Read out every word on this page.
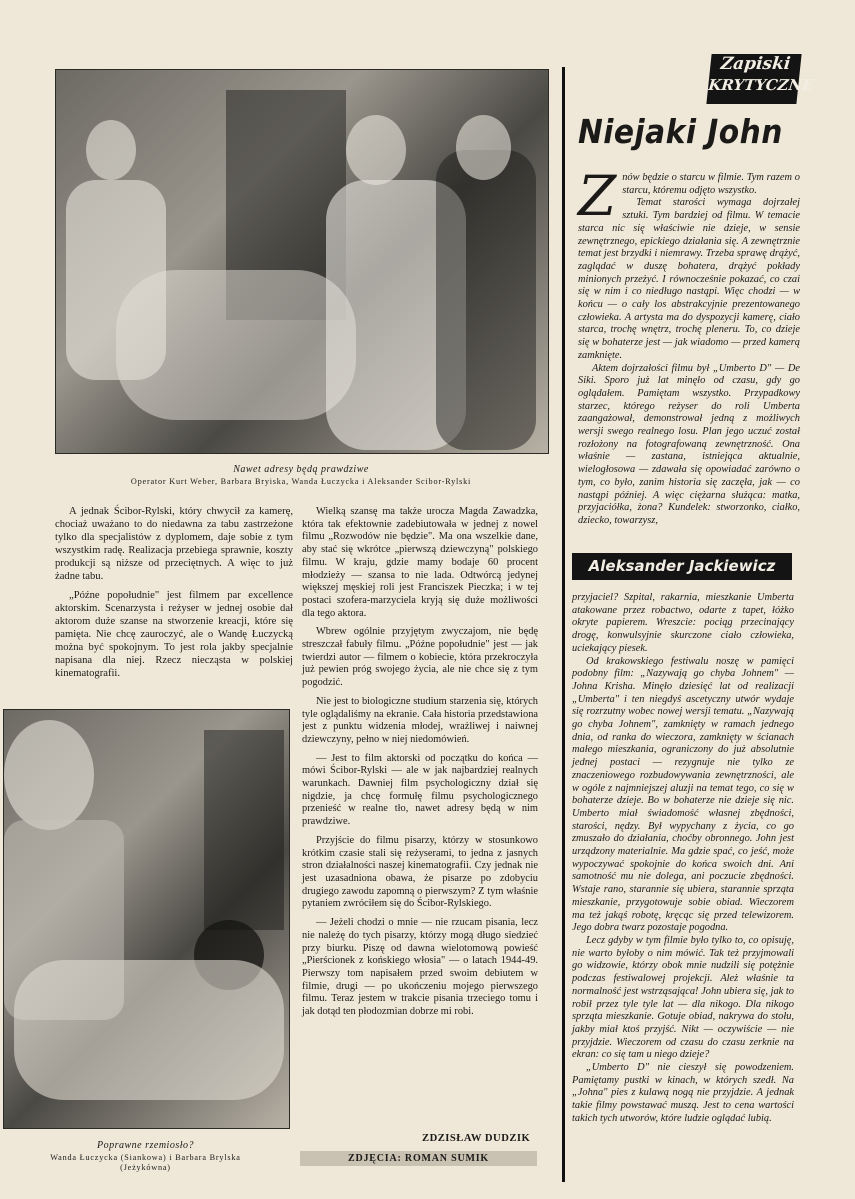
Nawet adresy będą prawdziwe
Operator Kurt Weber, Barbara Bryiska, Wanda Łuczycka i Aleksander Scibor-Rylski

A jednak Ścibor-Rylski, który chwycił za kamerę, chociaż uważano to do niedawna za tabu zastrzeżone tylko dla specjalistów z dyplomem, daje sobie z tym wszystkim radę. Realizacja przebiega sprawnie, koszty produkcji są niższe od przeciętnych. A więc to już żadne tabu.

„Późne popołudnie" jest filmem par excellence aktorskim. Scenarzysta i reżyser w jednej osobie dał aktorom duże szanse na stworzenie kreacji, które się pamięta. Nie chcę zauroczyć, ale o Wandę Łuczycką można być spokojnym. To jest rola jakby specjalnie napisana dla niej. Rzecz niecząsta w polskiej kinematografii.

Poprawne rzemiosło?
Wanda Łuczycka (Siankowa) i Barbara Brylska
(Jeżykówna)

Wielką szansę ma także urocza Magda Zawadzka, która tak efektownie zadebiutowała w jednej z nowel filmu „Rozwodów nie będzie". Ma ona wszelkie dane, aby stać się wkrótce „pierwszą dziewczyną" polskiego filmu. W kraju, gdzie mamy bodaje 60 procent młodzieży — szansa to nie lada. Odtwórcą jedynej większej męskiej roli jest Franciszek Pieczka; i w tej postaci szofera-marzyciela kryją się duże możliwości dla tego aktora.

Wbrew ogólnie przyjętym zwyczajom, nie będę streszczał fabuły filmu. „Późne popołudnie" jest — jak twierdzi autor — filmem o kobiecie, która przekroczyła już pewien próg swojego życia, ale nie chce się z tym pogodzić.

Nie jest to biologiczne studium starzenia się, których tyle oglądaliśmy na ekranie. Cała historia przedstawiona jest z punktu widzenia młodej, wrażliwej i naiwnej dziewczyny, pełno w niej niedomówień.

— Jest to film aktorski od początku do końca — mówi Ścibor-Rylski — ale w jak najbardziej realnych warunkach. Dawniej film psychologiczny dział się nigdzie, ja chcę formułę filmu psychologicznego przenieść w realne tło, nawet adresy będą w nim prawdziwe.

Przyjście do filmu pisarzy, którzy w stosunkowo krótkim czasie stali się reżyserami, to jedna z jasnych stron działalności naszej kinematografii. Czy jednak nie jest uzasadniona obawa, że pisarze po zdobyciu drugiego zawodu zapomną o pierwszym? Z tym właśnie pytaniem zwróciłem się do Ścibor-Rylskiego.

— Jeżeli chodzi o mnie — nie rzucam pisania, lecz nie należę do tych pisarzy, którzy mogą długo siedzieć przy biurku. Piszę od dawna wielotomową powieść „Pierścionek z końskiego włosia" — o latach 1944-49. Pierwszy tom napisałem przed swoim debiutem w filmie, drugi — po ukończeniu mojego pierwszego filmu. Teraz jestem w trakcie pisania trzeciego tomu i jak dotąd ten płodozmian dobrze mi robi.

ZDZISŁAW DUDZIK
ZDJĘCIA: ROMAN SUMIK
Zapiski
KRYTYCZNE
Niejaki John
Z nów będzie o starcu w filmie. Tym razem o starcu, któremu odjęto wszystko.

Temat starości wymaga dojrzałej sztuki. Tym bardziej od filmu. W temacie starca nic się właściwie nie dzieje, w sensie zewnętrznego, epickiego działania się. A zewnętrznie temat jest brzydki i niemrawy. Trzeba sprawę drążyć, zaglądać w duszę bohatera, drążyć pokłady minionych przeżyć. I równocześnie pokazać, co czai się w nim i co niedługo nastąpi. Więc chodzi — w końcu — o cały los abstrakcyjnie prezentowanego człowieka. A artysta ma do dyspozycji kamerę, ciało starca, trochę wnętrz, trochę pleneru. To, co dzieje się w bohaterze jest — jak wiadomo — przed kamerą zamknięte.

Aktem dojrzałości filmu był „Umberto D" — De Siki. Sporo już lat minęło od czasu, gdy go oglądałem. Pamiętam wszystko. Przypadkowy starzec, którego reżyser do roli Umberta zaangażował, demonstrował jedną z możliwych wersji swego realnego losu. Plan jego uczuć został rozłożony na fotografowaną zewnętrzność. Ona właśnie — zastana, istniejąca aktualnie, wielogłosowa — zdawała się opowiadać zarówno o tym, co było, zanim historia się zaczęła, jak — co nastąpi później. A więc ciężarna służąca: matka, przyjaciółka, żona? Kundelek: stworzonko, ciałko, dziecko, towarzysz,

Aleksander Jackiewicz

przyjaciel? Szpital, rakarnia, mieszkanie Umberta atakowane przez robactwo, odarte z tapet, łóżko okryte papierem. Wreszcie: pociąg przecinający drogę, konwulsyjnie skurczone ciało człowieka, uciekający piesek.

Od krakowskiego festiwalu noszę w pamięci podobny film: „Nazywają go chyba Johnem" — Johna Krisha. Minęło dziesięć lat od realizacji „Umberta" i ten niegdyś ascetyczny utwór wydaje się rozrzutny wobec nowej wersji tematu. „Nazywają go chyba Johnem", zamknięty w ramach jednego dnia, od ranka do wieczora, zamknięty w ścianach małego mieszkania, ograniczony do już absolutnie jednej postaci — rezygnuje nie tylko ze znaczeniowego rozbudowywania zewnętrzności, ale w ogóle z najmniejszej aluzji na temat tego, co się w bohaterze dzieje. Bo w bohaterze nie dzieje się nic. Umberto miał świadomość własnej zbędności, starości, nędzy. Był wypychany z życia, co go zmuszało do działania, choćby obronnego. John jest urządzony materialnie. Ma gdzie spać, co jeść, może wypoczywać spokojnie do końca swoich dni. Ani samotność mu nie dolega, ani poczucie zbędności. Wstaje rano, starannie się ubiera, starannie sprząta mieszkanie, przygotowuje sobie obiad. Wieczorem ma też jakąś robotę, kręcąc się przed telewizorem. Jego dobra twarz pozostaje pogodna.

Lecz gdyby w tym filmie było tylko to, co opisuję, nie warto byłoby o nim mówić. Tak też przyjmowali go widzowie, którzy obok mnie nudzili się potężnie podczas festiwalowej projekcji. Ależ właśnie ta normalność jest wstrząsająca! John ubiera się, jak to robił przez tyle tyle lat — dla nikogo. Dla nikogo sprząta mieszkanie. Gotuje obiad, nakrywa do stołu, jakby miał ktoś przyjść. Nikt — oczywiście — nie przyjdzie. Wieczorem od czasu do czasu zerknie na ekran: co się tam u niego dzieje?

„Umberto D" nie cieszył się powodzeniem. Pamiętamy pustki w kinach, w których szedł. Na „Johna" pies z kulawą nogą nie przyjdzie. A jednak takie filmy powstawać muszą. Jest to cena wartości takich tych utworów, które ludzie oglądać lubią.
